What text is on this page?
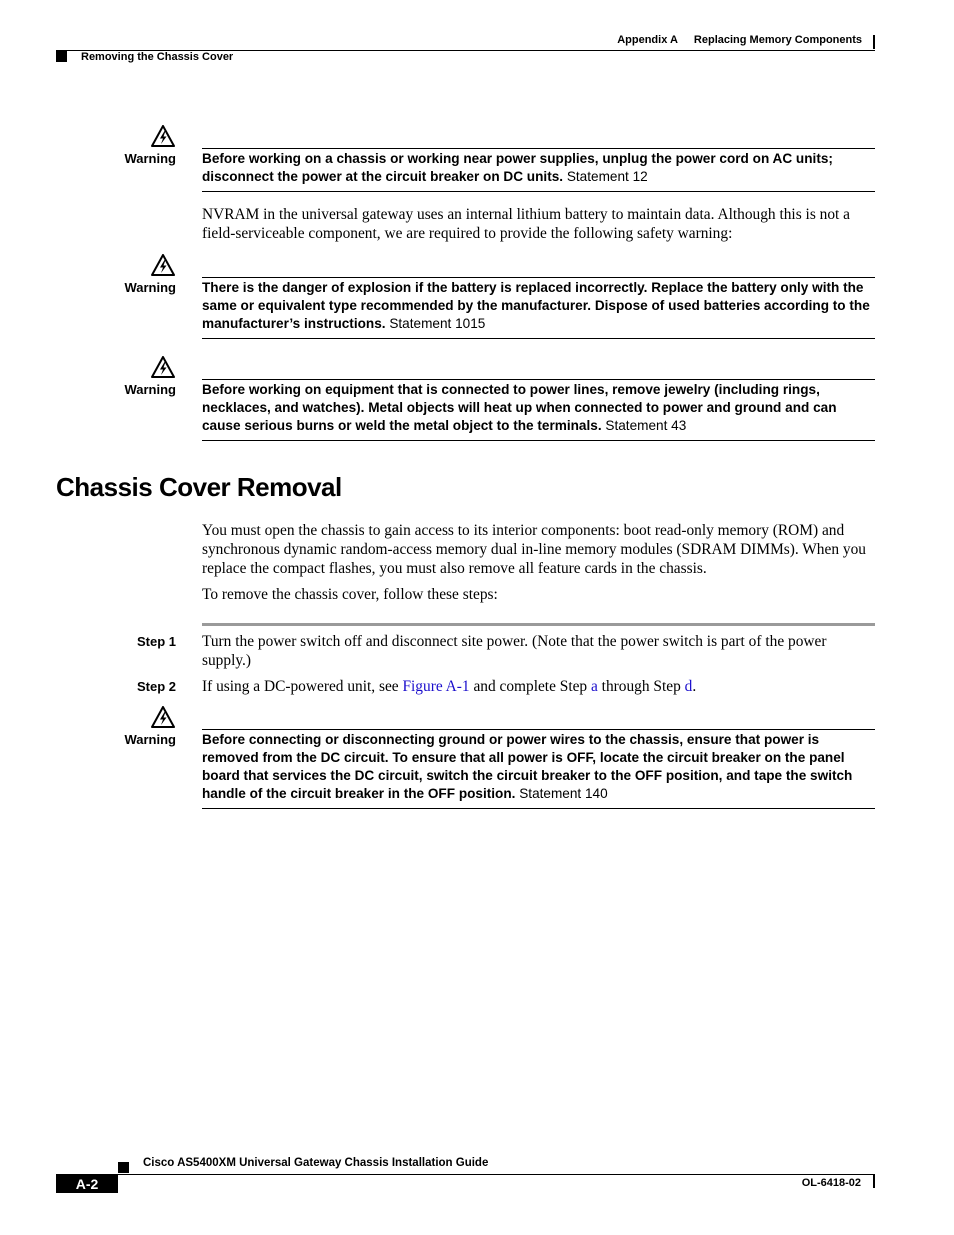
Appendix A Replacing Memory Components
Removing the Chassis Cover
Warning Before working on a chassis or working near power supplies, unplug the power cord on AC units; disconnect the power at the circuit breaker on DC units. Statement 12
NVRAM in the universal gateway uses an internal lithium battery to maintain data. Although this is not a field-serviceable component, we are required to provide the following safety warning:
Warning There is the danger of explosion if the battery is replaced incorrectly. Replace the battery only with the same or equivalent type recommended by the manufacturer. Dispose of used batteries according to the manufacturer’s instructions. Statement 1015
Warning Before working on equipment that is connected to power lines, remove jewelry (including rings, necklaces, and watches). Metal objects will heat up when connected to power and ground and can cause serious burns or weld the metal object to the terminals. Statement 43
Chassis Cover Removal
You must open the chassis to gain access to its interior components: boot read-only memory (ROM) and synchronous dynamic random-access memory dual in-line memory modules (SDRAM DIMMs). When you replace the compact flashes, you must also remove all feature cards in the chassis.
To remove the chassis cover, follow these steps:
Step 1 Turn the power switch off and disconnect site power. (Note that the power switch is part of the power supply.)
Step 2 If using a DC-powered unit, see Figure A-1 and complete Step a through Step d.
Warning Before connecting or disconnecting ground or power wires to the chassis, ensure that power is removed from the DC circuit. To ensure that all power is OFF, locate the circuit breaker on the panel board that services the DC circuit, switch the circuit breaker to the OFF position, and tape the switch handle of the circuit breaker in the OFF position. Statement 140
Cisco AS5400XM Universal Gateway Chassis Installation Guide
A-2	OL-6418-02
